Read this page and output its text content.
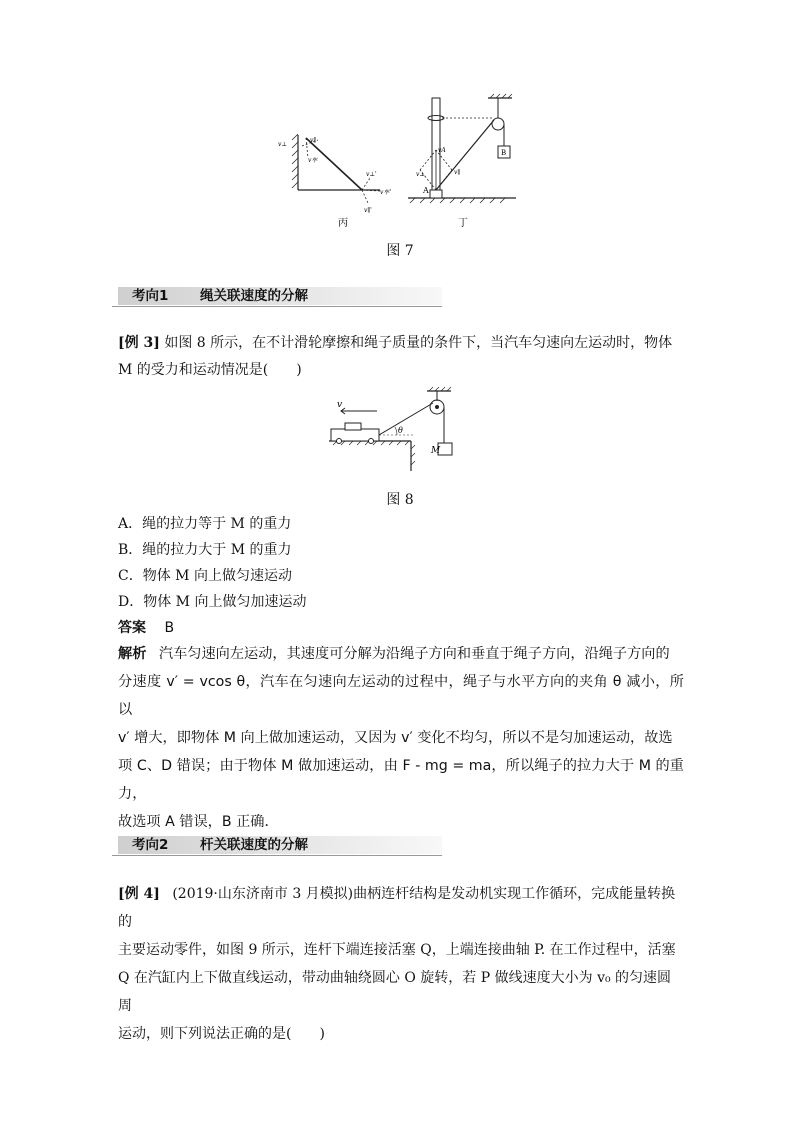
v⊥
v∥
v车
v⊥'
v车'
v∥'
vA
v⊥	v∥
A
B
丙	丁
图 7
考向1 绳关联速度的分解
[例 3] 如图 8 所示，在不计滑轮摩擦和绳子质量的条件下，当汽车匀速向左运动时，物体
M 的受力和运动情况是(　　)
v
θ
M
图 8
A．绳的拉力等于 M 的重力
B．绳的拉力大于 M 的重力
C．物体 M 向上做匀速运动
D．物体 M 向上做匀加速运动
答案 B
解析 汽车匀速向左运动，其速度可分解为沿绳子方向和垂直于绳子方向，沿绳子方向的
分速度 v′ = vcos θ，汽车在匀速向左运动的过程中，绳子与水平方向的夹角 θ 减小，所以
v′ 增大，即物体 M 向上做加速运动，又因为 v′ 变化不均匀，所以不是匀加速运动，故选
项 C、D 错误；由于物体 M 做加速运动，由 F - mg = ma，所以绳子的拉力大于 M 的重力，
故选项 A 错误，B 正确．
考向2 杆关联速度的分解
[例 4] (2019·山东济南市 3 月模拟)曲柄连杆结构是发动机实现工作循环，完成能量转换的
主要运动零件，如图 9 所示，连杆下端连接活塞 Q，上端连接曲轴 P. 在工作过程中，活塞
Q 在汽缸内上下做直线运动，带动曲轴绕圆心 O 旋转，若 P 做线速度大小为 v₀ 的匀速圆周
运动，则下列说法正确的是(　　)
